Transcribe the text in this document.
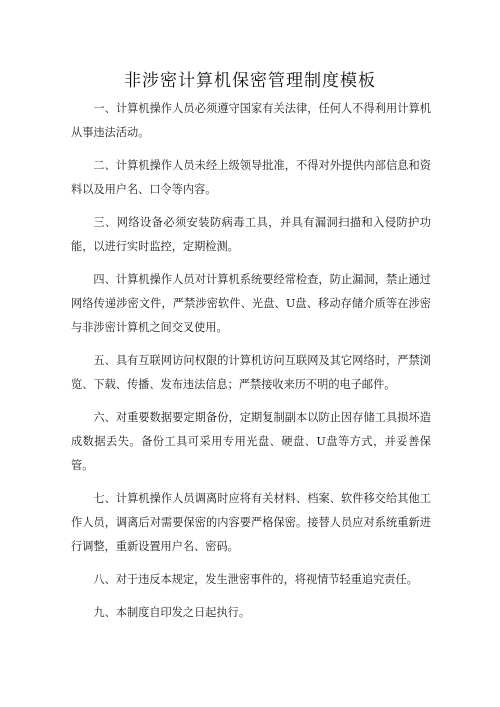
非涉密计算机保密管理制度模板

一、计算机操作人员必须遵守国家有关法律，任何人不得利用计算机从事违法活动。

二、计算机操作人员未经上级领导批准，不得对外提供内部信息和资料以及用户名、口令等内容。

三、网络设备必须安装防病毒工具，并具有漏洞扫描和入侵防护功能，以进行实时监控，定期检测。

四、计算机操作人员对计算机系统要经常检查，防止漏洞，禁止通过网络传递涉密文件，严禁涉密软件、光盘、U盘、移动存储介质等在涉密与非涉密计算机之间交叉使用。

五、具有互联网访问权限的计算机访问互联网及其它网络时，严禁浏览、下载、传播、发布违法信息；严禁接收来历不明的电子邮件。

六、对重要数据要定期备份，定期复制副本以防止因存储工具损坏造成数据丢失。备份工具可采用专用光盘、硬盘、U盘等方式，并妥善保管。

七、计算机操作人员调离时应将有关材料、档案、软件移交给其他工作人员，调离后对需要保密的内容要严格保密。接替人员应对系统重新进行调整，重新设置用户名、密码。

八、对于违反本规定，发生泄密事件的，将视情节轻重追究责任。

九、本制度自印发之日起执行。
